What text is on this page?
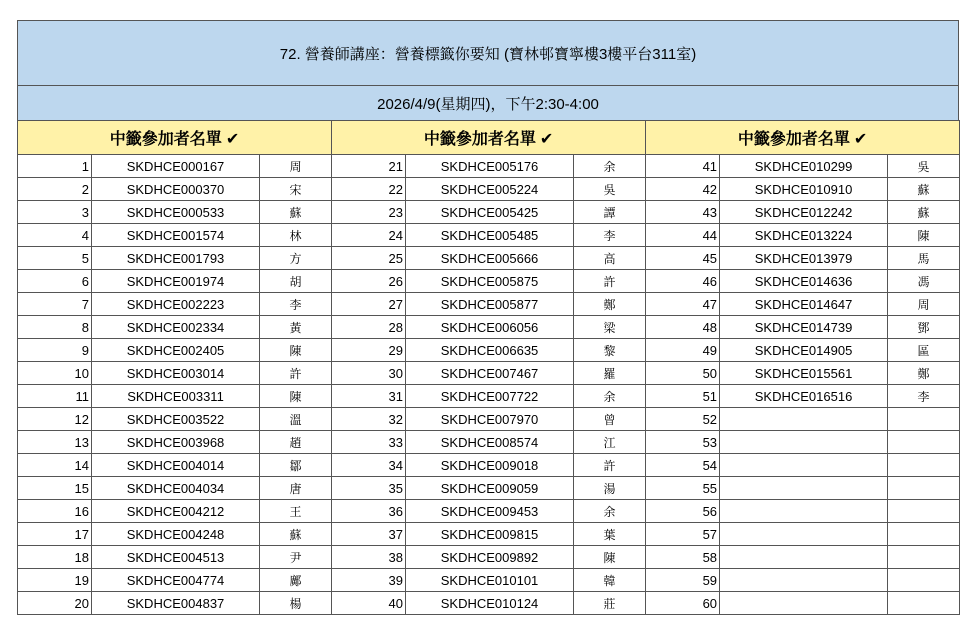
72. 營養師講座：營養標籤你要知 (寶林邨寶寧樓3樓平台311室)
2026/4/9(星期四)，下午2:30-4:00
中籤參加者名單 ✔			中籤參加者名單 ✔			中籤參加者名單 ✔		
1	SKDHCE000167	周	21	SKDHCE005176	余	41	SKDHCE010299	吳
2	SKDHCE000370	宋	22	SKDHCE005224	吳	42	SKDHCE010910	蘇
3	SKDHCE000533	蘇	23	SKDHCE005425	譚	43	SKDHCE012242	蘇
4	SKDHCE001574	林	24	SKDHCE005485	李	44	SKDHCE013224	陳
5	SKDHCE001793	方	25	SKDHCE005666	高	45	SKDHCE013979	馬
6	SKDHCE001974	胡	26	SKDHCE005875	許	46	SKDHCE014636	馮
7	SKDHCE002223	李	27	SKDHCE005877	鄭	47	SKDHCE014647	周
8	SKDHCE002334	黃	28	SKDHCE006056	梁	48	SKDHCE014739	鄧
9	SKDHCE002405	陳	29	SKDHCE006635	黎	49	SKDHCE014905	區
10	SKDHCE003014	許	30	SKDHCE007467	羅	50	SKDHCE015561	鄭
11	SKDHCE003311	陳	31	SKDHCE007722	余	51	SKDHCE016516	李
12	SKDHCE003522	溫	32	SKDHCE007970	曾	52		
13	SKDHCE003968	趙	33	SKDHCE008574	江	53		
14	SKDHCE004014	鄒	34	SKDHCE009018	許	54		
15	SKDHCE004034	唐	35	SKDHCE009059	湯	55		
16	SKDHCE004212	王	36	SKDHCE009453	余	56		
17	SKDHCE004248	蘇	37	SKDHCE009815	葉	57		
18	SKDHCE004513	尹	38	SKDHCE009892	陳	58		
19	SKDHCE004774	鄺	39	SKDHCE010101	韓	59		
20	SKDHCE004837	楊	40	SKDHCE010124	莊	60		
